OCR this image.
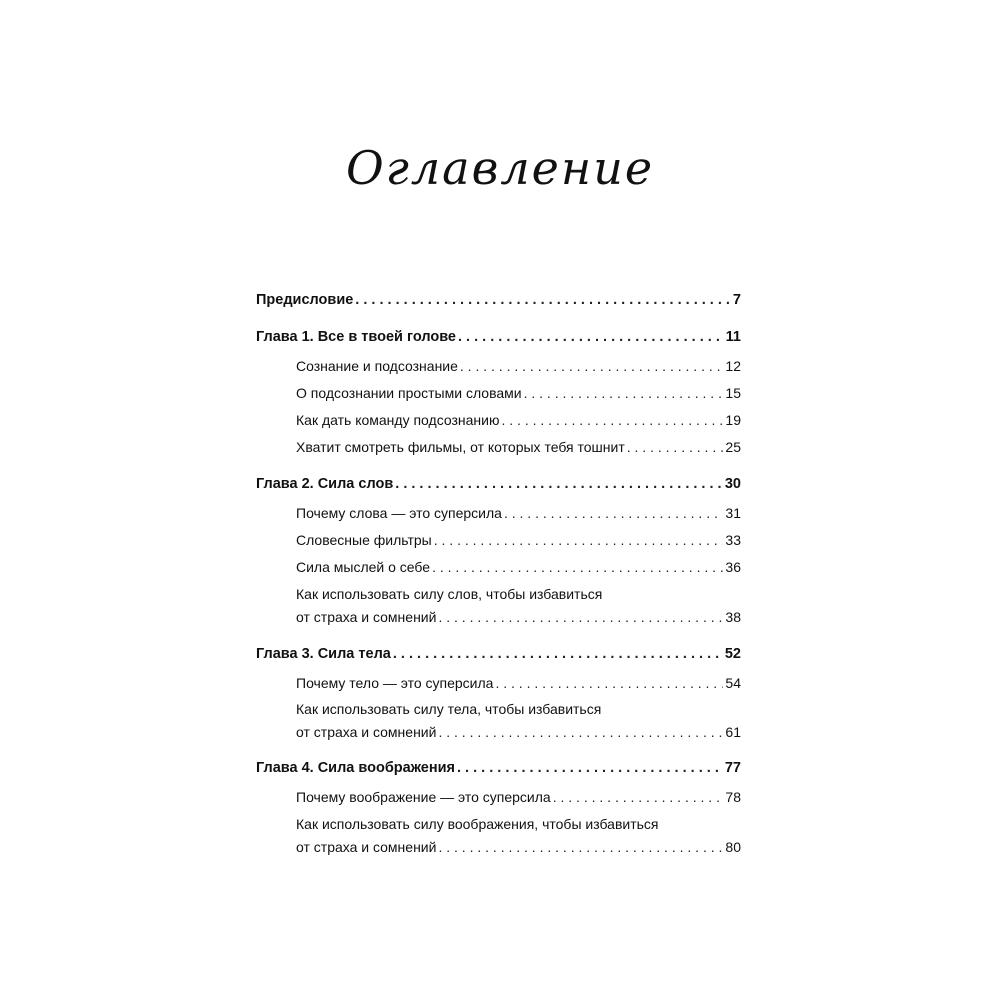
Оглавление
Предисловие . . .	7
Глава 1. Все в твоей голове . . .	11
Сознание и подсознание . . .	12
О подсознании простыми словами . . .	15
Как дать команду подсознанию . . .	19
Хватит смотреть фильмы, от которых тебя тошнит . . .	25
Глава 2. Сила слов . . .	30
Почему слова — это суперсила . . .	31
Словесные фильтры . . .	33
Сила мыслей о себе . . .	36
Как использовать силу слов, чтобы избавиться
от страха и сомнений . . .	38
Глава 3. Сила тела . . .	52
Почему тело — это суперсила . . .	54
Как использовать силу тела, чтобы избавиться
от страха и сомнений . . .	61
Глава 4. Сила воображения . . .	77
Почему воображение — это суперсила . . .	78
Как использовать силу воображения, чтобы избавиться
от страха и сомнений . . .	80
